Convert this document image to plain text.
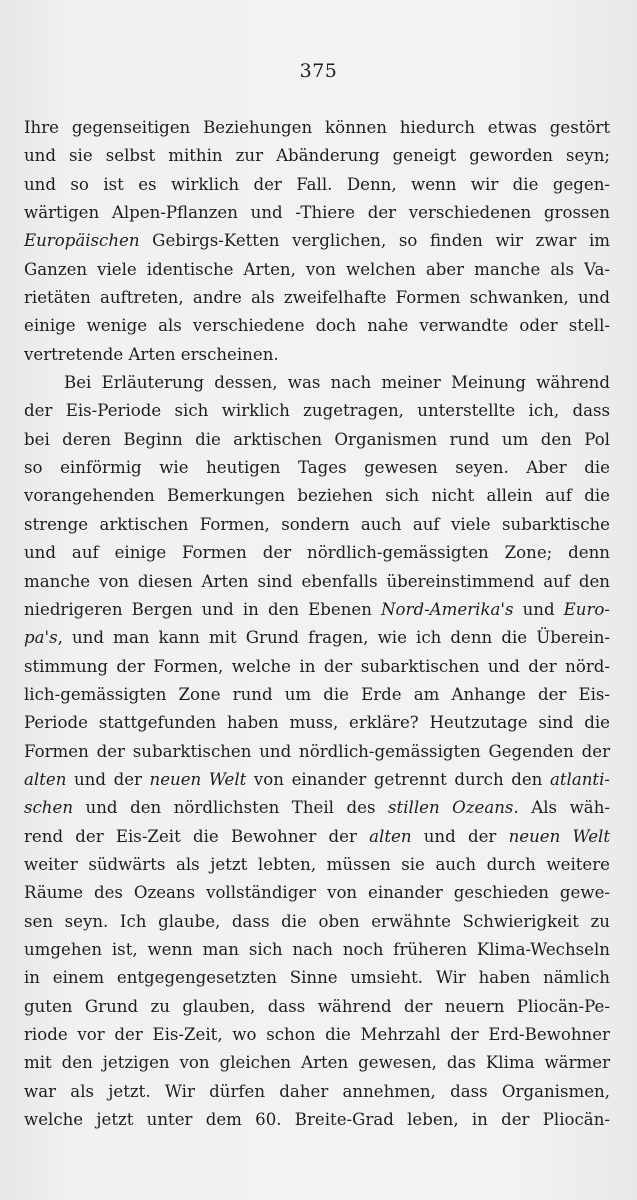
375
Ihre gegenseitigen Beziehungen können hiedurch etwas gestört
und sie selbst mithin zur Abänderung geneigt geworden seyn;
und so ist es wirklich der Fall. Denn, wenn wir die gegen-
wärtigen Alpen-Pflanzen und -Thiere der verschiedenen grossen
Europäischen Gebirgs-Ketten verglichen, so finden wir zwar im
Ganzen viele identische Arten, von welchen aber manche als Va-
rietäten auftreten, andre als zweifelhafte Formen schwanken, und
einige wenige als verschiedene doch nahe verwandte oder stell-
vertretende Arten erscheinen.
Bei Erläuterung dessen, was nach meiner Meinung während
der Eis-Periode sich wirklich zugetragen, unterstellte ich, dass
bei deren Beginn die arktischen Organismen rund um den Pol
so einförmig wie heutigen Tages gewesen seyen. Aber die
vorangehenden Bemerkungen beziehen sich nicht allein auf die
strenge arktischen Formen, sondern auch auf viele subarktische
und auf einige Formen der nördlich-gemässigten Zone; denn
manche von diesen Arten sind ebenfalls übereinstimmend auf den
niedrigeren Bergen und in den Ebenen Nord-Amerika's und Euro-
pa's, und man kann mit Grund fragen, wie ich denn die Überein-
stimmung der Formen, welche in der subarktischen und der nörd-
lich-gemässigten Zone rund um die Erde am Anhange der Eis-
Periode stattgefunden haben muss, erkläre? Heutzutage sind die
Formen der subarktischen und nördlich-gemässigten Gegenden der
alten und der neuen Welt von einander getrennt durch den atlanti-
schen und den nördlichsten Theil des stillen Ozeans. Als wäh-
rend der Eis-Zeit die Bewohner der alten und der neuen Welt
weiter südwärts als jetzt lebten, müssen sie auch durch weitere
Räume des Ozeans vollständiger von einander geschieden gewe-
sen seyn. Ich glaube, dass die oben erwähnte Schwierigkeit zu
umgehen ist, wenn man sich nach noch früheren Klima-Wechseln
in einem entgegengesetzten Sinne umsieht. Wir haben nämlich
guten Grund zu glauben, dass während der neuern Pliocän-Pe-
riode vor der Eis-Zeit, wo schon die Mehrzahl der Erd-Bewohner
mit den jetzigen von gleichen Arten gewesen, das Klima wärmer
war als jetzt. Wir dürfen daher annehmen, dass Organismen,
welche jetzt unter dem 60. Breite-Grad leben, in der Pliocän-
